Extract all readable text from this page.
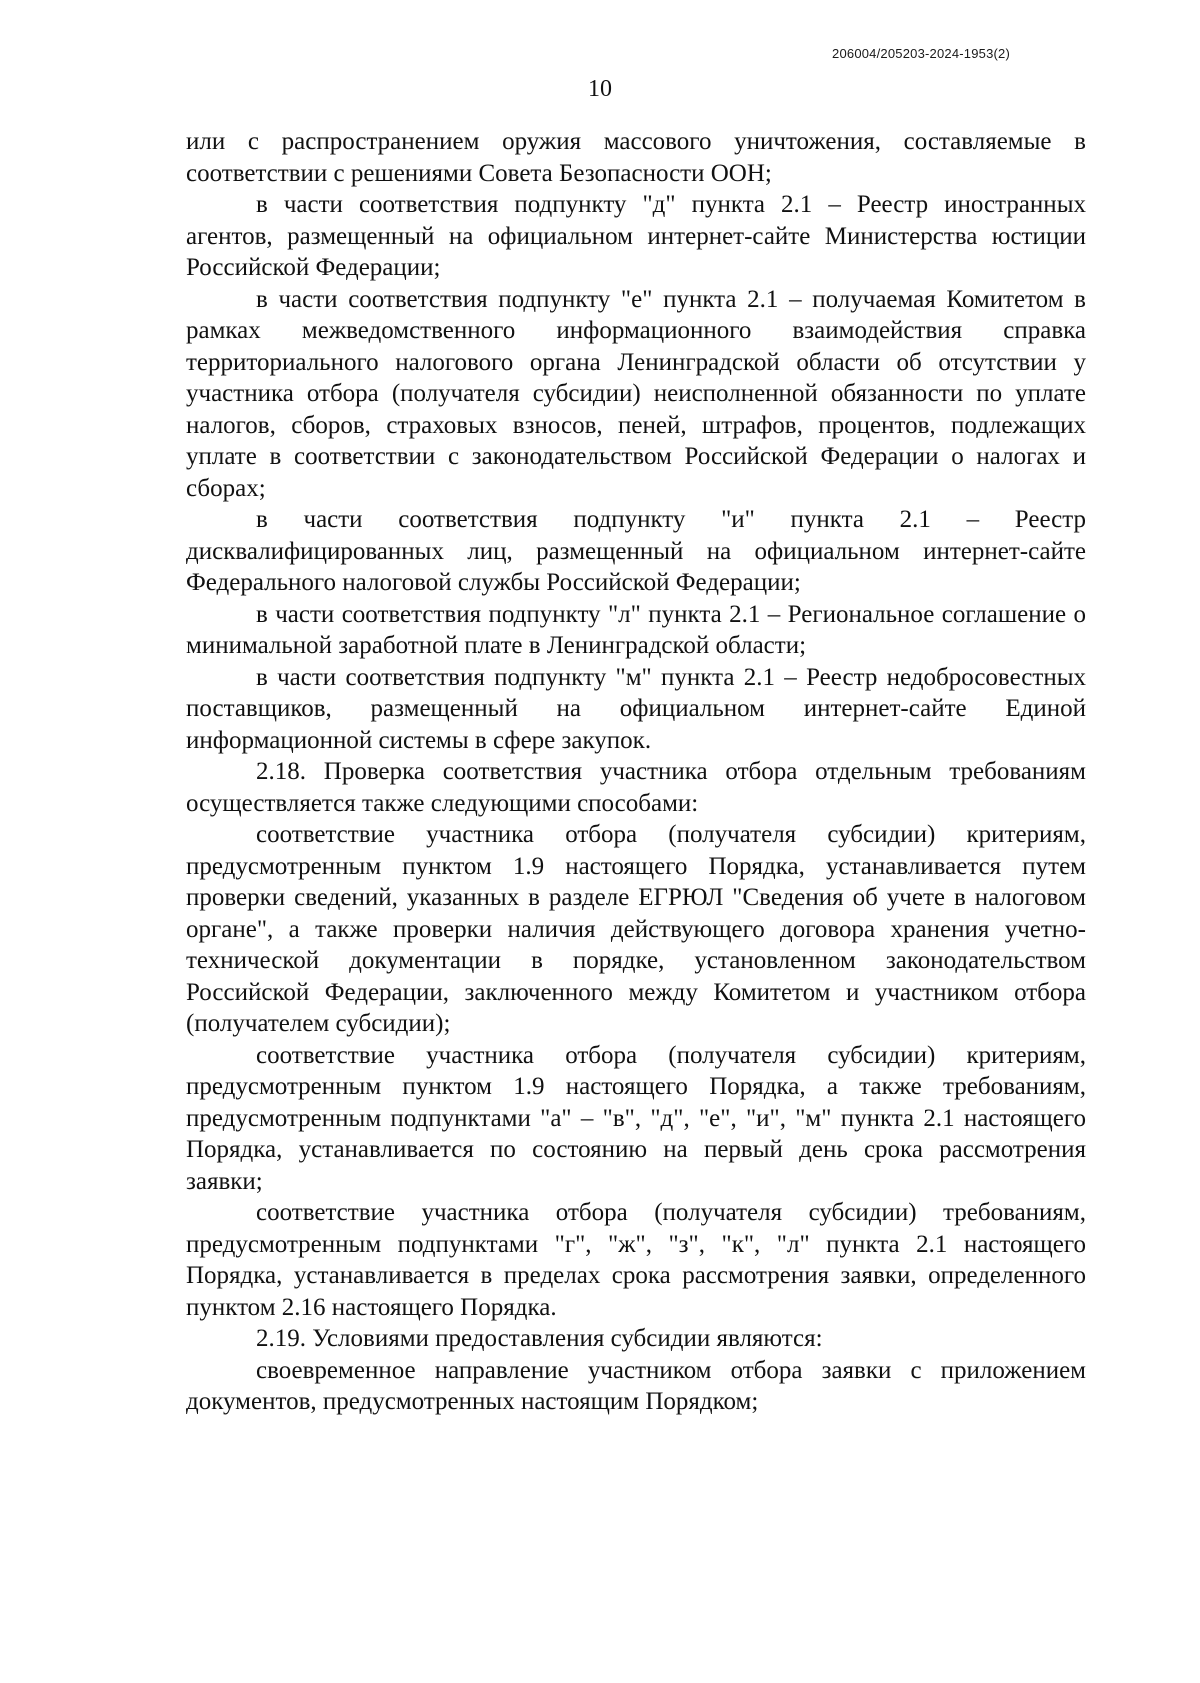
206004/205203-2024-1953(2)
10

или с распространением оружия массового уничтожения, составляемые в соответствии с решениями Совета Безопасности ООН;

в части соответствия подпункту "д" пункта 2.1 – Реестр иностранных агентов, размещенный на официальном интернет-сайте Министерства юстиции Российской Федерации;

в части соответствия подпункту "е" пункта 2.1 – получаемая Комитетом в рамках межведомственного информационного взаимодействия справка территориального налогового органа Ленинградской области об отсутствии у участника отбора (получателя субсидии) неисполненной обязанности по уплате налогов, сборов, страховых взносов, пеней, штрафов, процентов, подлежащих уплате в соответствии с законодательством Российской Федерации о налогах и сборах;

в части соответствия подпункту "и" пункта 2.1 – Реестр дисквалифицированных лиц, размещенный на официальном интернет-сайте Федерального налоговой службы Российской Федерации;

в части соответствия подпункту "л" пункта 2.1 – Региональное соглашение о минимальной заработной плате в Ленинградской области;

в части соответствия подпункту "м" пункта 2.1 – Реестр недобросовестных поставщиков, размещенный на официальном интернет-сайте Единой информационной системы в сфере закупок.

2.18. Проверка соответствия участника отбора отдельным требованиям осуществляется также следующими способами:

соответствие участника отбора (получателя субсидии) критериям, предусмотренным пунктом 1.9 настоящего Порядка, устанавливается путем проверки сведений, указанных в разделе ЕГРЮЛ "Сведения об учете в налоговом органе", а также проверки наличия действующего договора хранения учетно-технической документации в порядке, установленном законодательством Российской Федерации, заключенного между Комитетом и участником отбора (получателем субсидии);

соответствие участника отбора (получателя субсидии) критериям, предусмотренным пунктом 1.9 настоящего Порядка, а также требованиям, предусмотренным подпунктами "а" – "в", "д", "е", "и", "м" пункта 2.1 настоящего Порядка, устанавливается по состоянию на первый день срока рассмотрения заявки;

соответствие участника отбора (получателя субсидии) требованиям, предусмотренным подпунктами "г", "ж", "з", "к", "л" пункта 2.1 настоящего Порядка, устанавливается в пределах срока рассмотрения заявки, определенного пунктом 2.16 настоящего Порядка.

2.19. Условиями предоставления субсидии являются:

своевременное направление участником отбора заявки с приложением документов, предусмотренных настоящим Порядком;
